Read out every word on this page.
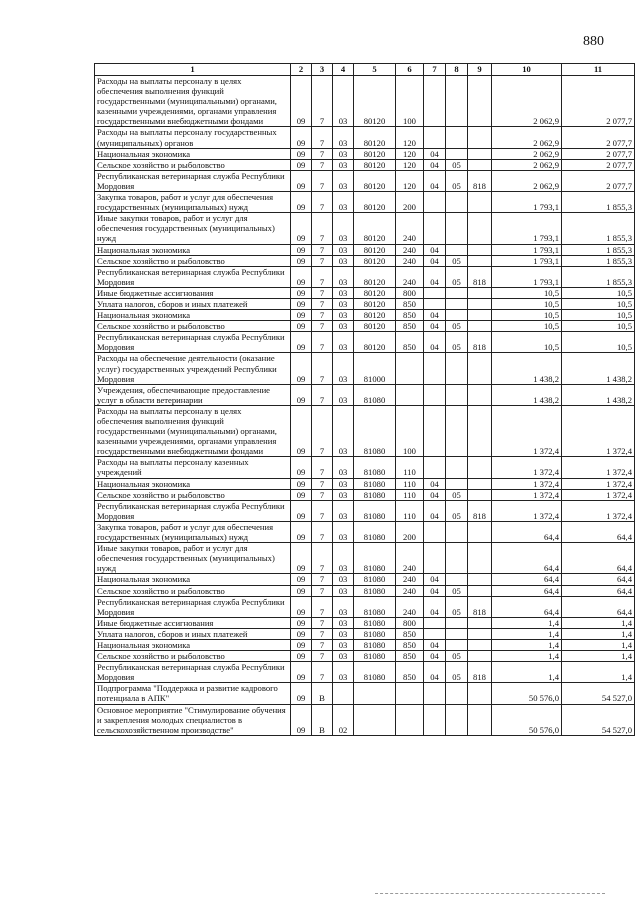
880
1	2	3	4	5	6	7	8	9	10	11
Расходы на выплаты персоналу в целях обеспечения выполнения функций государственными (муниципальными) органами, казенными учреждениями, органами управления государственными внебюджетными фондами	09	7	03	80120	100				2 062,9	2 077,7
Расходы на выплаты персоналу государственных (муниципальных) органов	09	7	03	80120	120				2 062,9	2 077,7
Национальная экономика	09	7	03	80120	120	04			2 062,9	2 077,7
Сельское хозяйство и рыболовство	09	7	03	80120	120	04	05		2 062,9	2 077,7
Республиканская ветеринарная служба Республики Мордовия	09	7	03	80120	120	04	05	818	2 062,9	2 077,7
Закупка товаров, работ и услуг для обеспечения государственных (муниципальных) нужд	09	7	03	80120	200				1 793,1	1 855,3
Иные закупки товаров, работ и услуг для обеспечения государственных (муниципальных) нужд	09	7	03	80120	240				1 793,1	1 855,3
Национальная экономика	09	7	03	80120	240	04			1 793,1	1 855,3
Сельское хозяйство и рыболовство	09	7	03	80120	240	04	05		1 793,1	1 855,3
Республиканская ветеринарная служба Республики Мордовия	09	7	03	80120	240	04	05	818	1 793,1	1 855,3
Иные бюджетные ассигнования	09	7	03	80120	800				10,5	10,5
Уплата налогов, сборов и иных платежей	09	7	03	80120	850				10,5	10,5
Национальная экономика	09	7	03	80120	850	04			10,5	10,5
Сельское хозяйство и рыболовство	09	7	03	80120	850	04	05		10,5	10,5
Республиканская ветеринарная служба Республики Мордовия	09	7	03	80120	850	04	05	818	10,5	10,5
Расходы на обеспечение деятельности (оказание услуг) государственных учреждений Республики Мордовия	09	7	03	81000					1 438,2	1 438,2
Учреждения, обеспечивающие предоставление услуг в области ветеринарии	09	7	03	81080					1 438,2	1 438,2
Расходы на выплаты персоналу в целях обеспечения выполнения функций государственными (муниципальными) органами, казенными учреждениями, органами управления государственными внебюджетными фондами	09	7	03	81080	100				1 372,4	1 372,4
Расходы на выплаты персоналу казенных учреждений	09	7	03	81080	110				1 372,4	1 372,4
Национальная экономика	09	7	03	81080	110	04			1 372,4	1 372,4
Сельское хозяйство и рыболовство	09	7	03	81080	110	04	05		1 372,4	1 372,4
Республиканская ветеринарная служба Республики Мордовия	09	7	03	81080	110	04	05	818	1 372,4	1 372,4
Закупка товаров, работ и услуг для обеспечения государственных (муниципальных) нужд	09	7	03	81080	200				64,4	64,4
Иные закупки товаров, работ и услуг для обеспечения государственных (муниципальных) нужд	09	7	03	81080	240				64,4	64,4
Национальная экономика	09	7	03	81080	240	04			64,4	64,4
Сельское хозяйство и рыболовство	09	7	03	81080	240	04	05		64,4	64,4
Республиканская ветеринарная служба Республики Мордовия	09	7	03	81080	240	04	05	818	64,4	64,4
Иные бюджетные ассигнования	09	7	03	81080	800				1,4	1,4
Уплата налогов, сборов и иных платежей	09	7	03	81080	850				1,4	1,4
Национальная экономика	09	7	03	81080	850	04			1,4	1,4
Сельское хозяйство и рыболовство	09	7	03	81080	850	04	05		1,4	1,4
Республиканская ветеринарная служба Республики Мордовия	09	7	03	81080	850	04	05	818	1,4	1,4
Подпрограмма "Поддержка и развитие кадрового потенциала в АПК"	09	В							50 576,0	54 527,0
Основное мероприятие "Стимулирование обучения и закрепления молодых специалистов в сельскохозяйственном производстве"	09	В	02						50 576,0	54 527,0
